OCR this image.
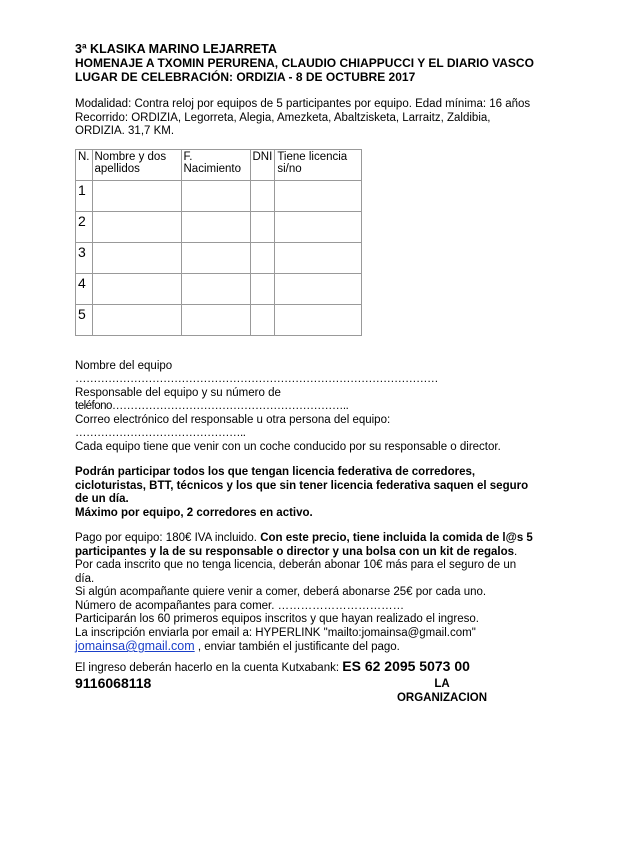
3ª KLASIKA MARINO LEJARRETA

HOMENAJE A TXOMIN PERURENA, CLAUDIO CHIAPPUCCI Y EL DIARIO VASCO

LUGAR DE CELEBRACIÓN: ORDIZIA - 8 DE OCTUBRE 2017

Modalidad: Contra reloj por equipos de 5 participantes por equipo. Edad mínima: 16 años

Recorrido: ORDIZIA, Legorreta, Alegia, Amezketa, Abaltzisketa, Larraitz, Zaldibia,

ORDIZIA. 31,7 KM.

N.	Nombre y dos apellidos	F. Nacimiento	DNI	Tiene licencia si/no
1				
2				
3				
4				
5				

Nombre del equipo

………………………………………………………………………………………

Responsable del equipo y su número de

teléfono………………………………………………………..

Correo electrónico del responsable u otra persona del equipo:

………………………………………..

Cada equipo tiene que venir con un coche conducido por su responsable o director.

Podrán participar todos los que tengan licencia federativa de corredores,

cicloturistas, BTT, técnicos y los que sin tener licencia federativa saquen el seguro

de un día.

Máximo por equipo, 2 corredores en activo.

Pago por equipo: 180€ IVA incluido. Con este precio, tiene incluida la comida de l@s 5

participantes y la de su responsable o director y una bolsa con un kit de regalos.

Por cada inscrito que no tenga licencia, deberán abonar 10€ más para el seguro de un

día.

Si algún acompañante quiere venir a comer, deberá abonarse 25€ por cada uno.

Número de acompañantes para comer. ……………………………

Participarán los 60 primeros equipos inscritos y que hayan realizado el ingreso.

La inscripción enviarla por email a: HYPERLINK "mailto:jomainsa@gmail.com"

jomainsa@gmail.com , enviar también el justificante del pago.

El ingreso deberán hacerlo en la cuenta Kutxabank: ES 62 2095 5073 00

9116068118	LA
ORGANIZACION
